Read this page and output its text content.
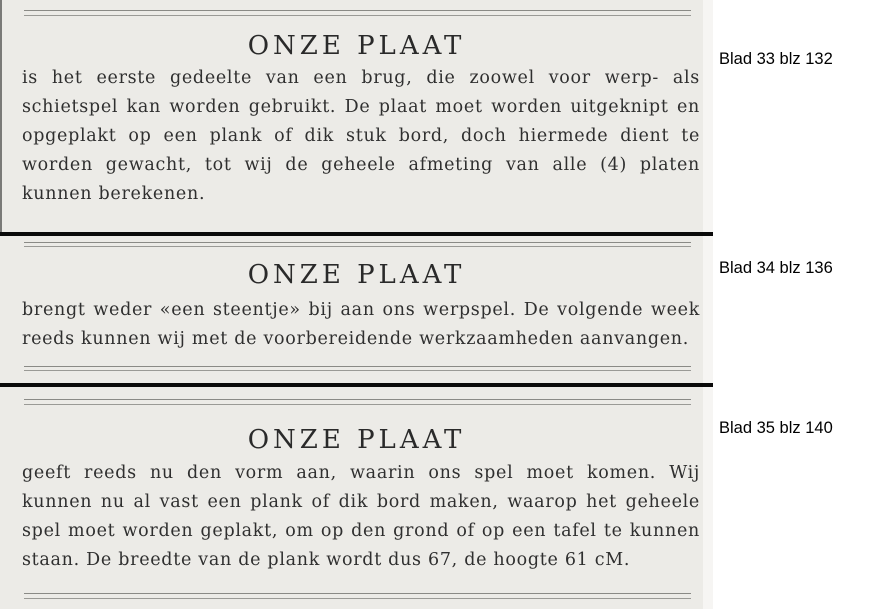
ONZE PLAAT
is het eerste gedeelte van een brug, die zoowel voor werp- als schietspel kan worden gebruikt. De plaat moet worden uitgeknipt en opgeplakt op een plank of dik stuk bord, doch hiermede dient te worden gewacht, tot wij de geheele afmeting van alle (4) platen kunnen berekenen.
Blad 33 blz 132
ONZE PLAAT
brengt weder «een steentje» bij aan ons werpspel. De volgende week reeds kunnen wij met de voorbereidende werkzaamheden aanvangen.
Blad 34 blz 136
ONZE PLAAT
geeft reeds nu den vorm aan, waarin ons spel moet komen. Wij kunnen nu al vast een plank of dik bord maken, waarop het geheele spel moet worden geplakt, om op den grond of op een tafel te kunnen staan. De breedte van de plank wordt dus 67, de hoogte 61 cM.
Blad 35 blz 140
